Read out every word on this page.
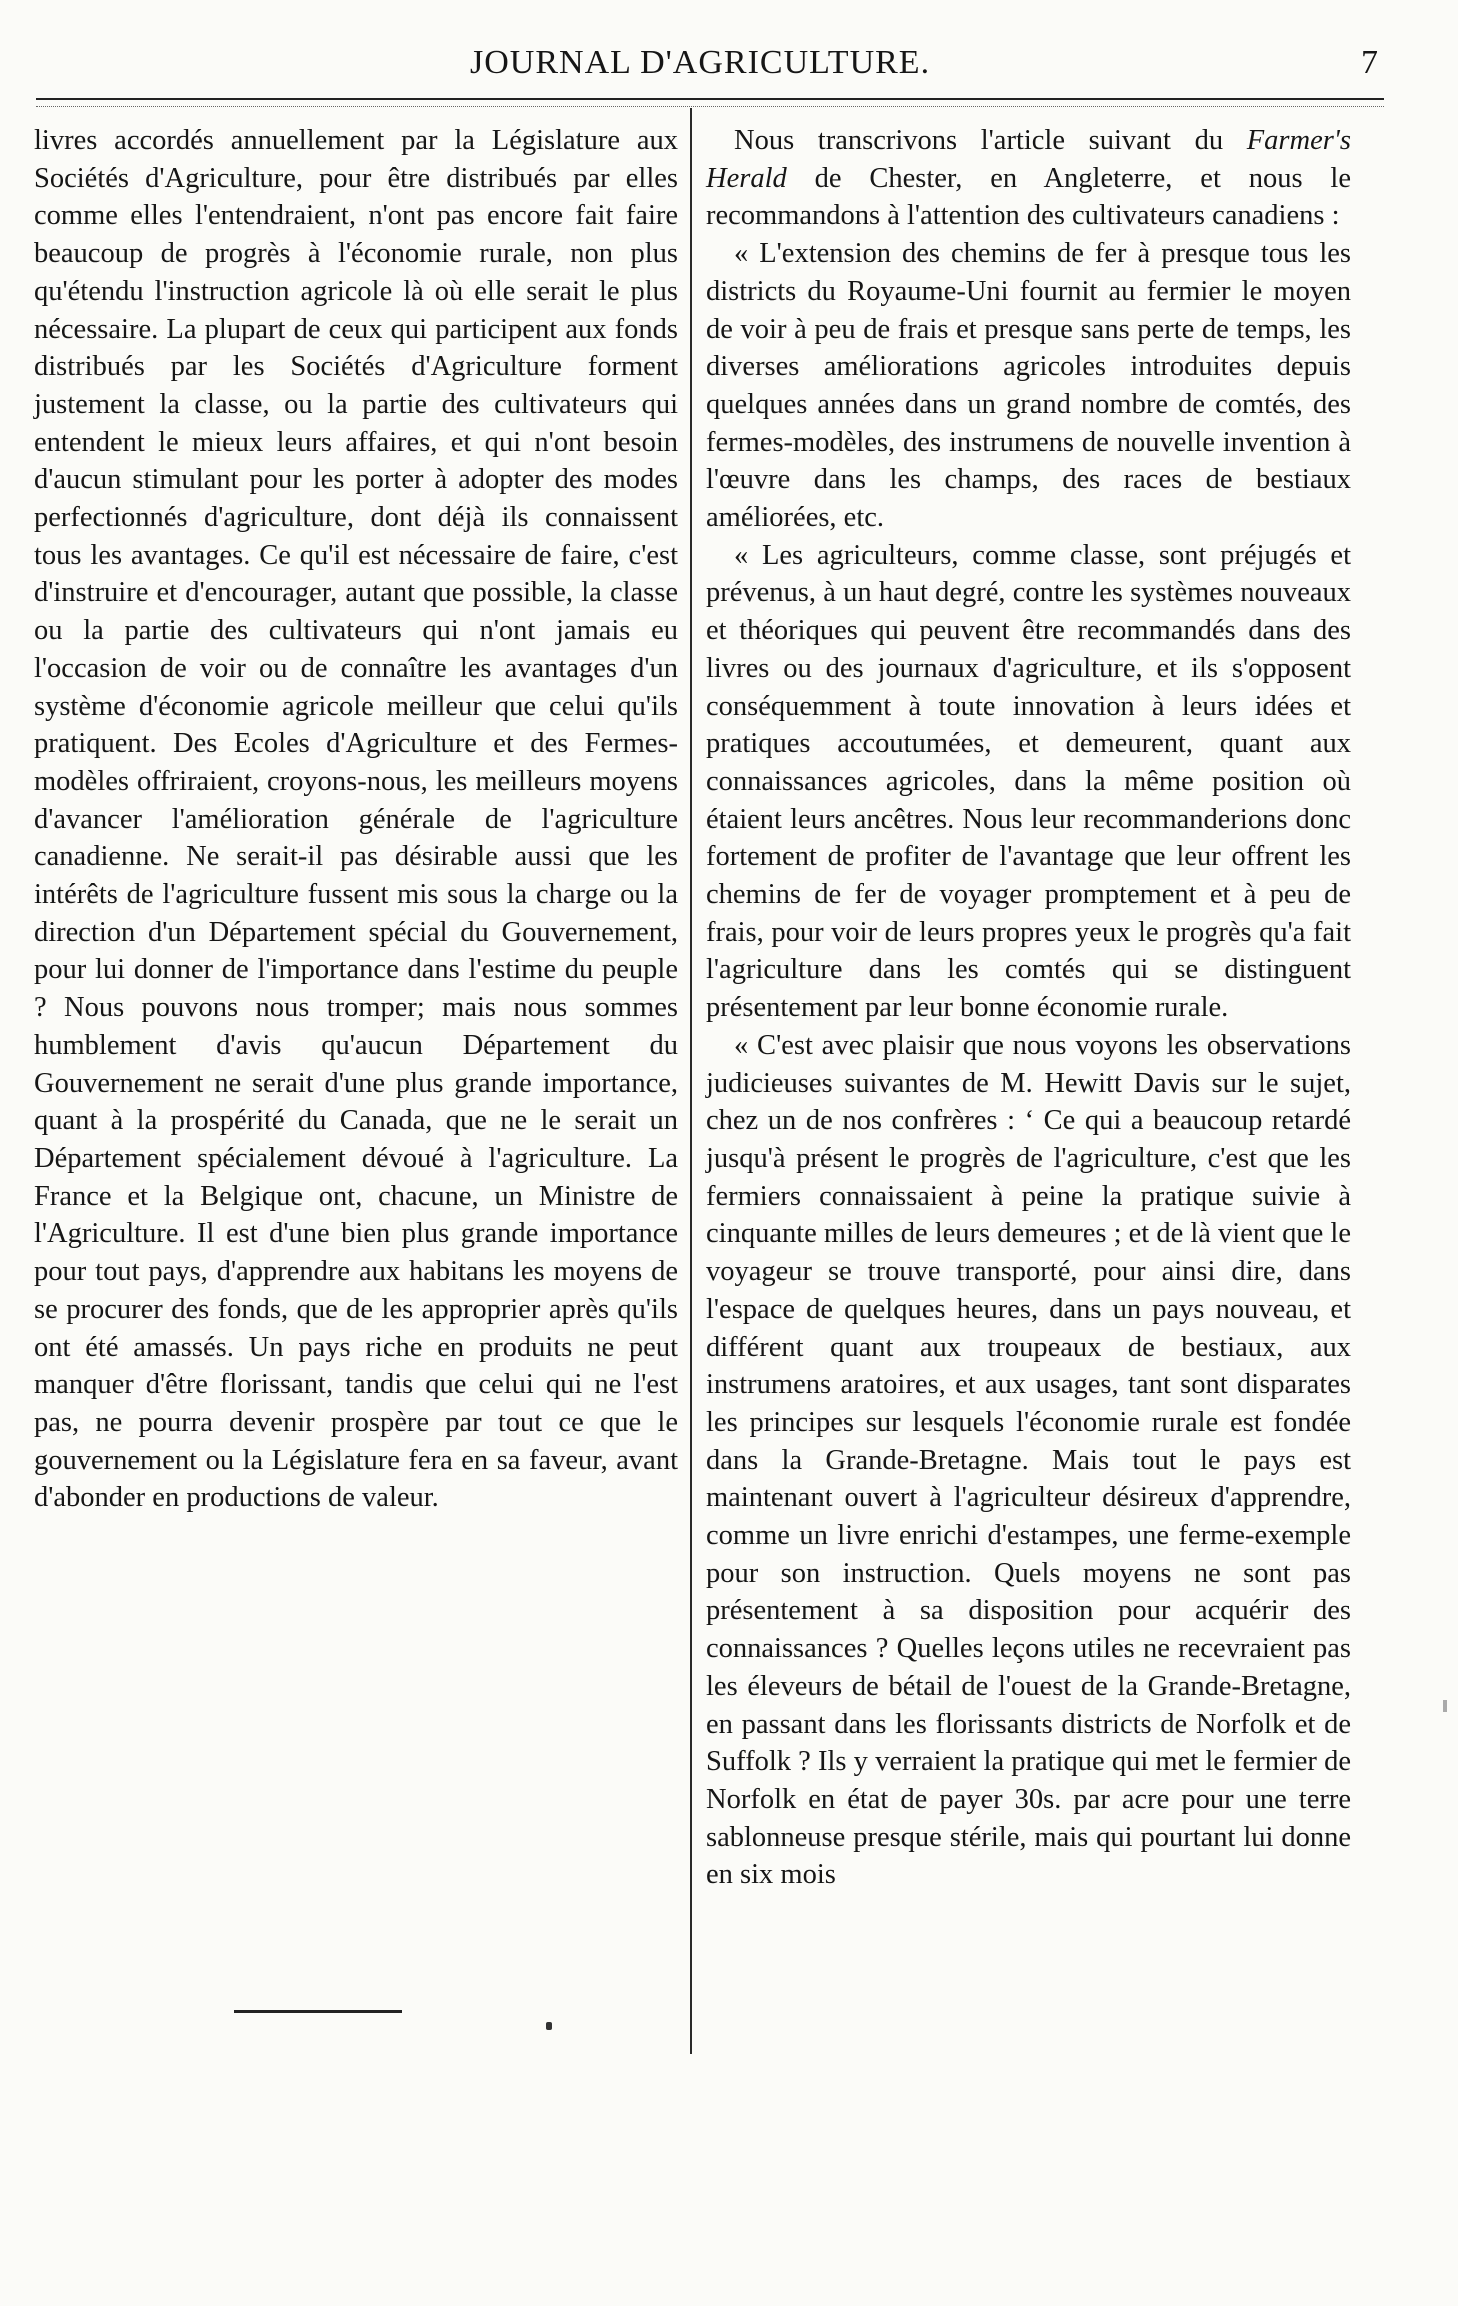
JOURNAL D'AGRICULTURE.	7

livres accordés annuellement par la Législature aux Sociétés d'Agriculture, pour être distribués par elles comme elles l'entendraient, n'ont pas encore fait faire beaucoup de progrès à l'économie rurale, non plus qu'étendu l'instruction agricole là où elle serait le plus nécessaire. La plupart de ceux qui participent aux fonds distribués par les Sociétés d'Agriculture forment justement la classe, ou la partie des cultivateurs qui entendent le mieux leurs affaires, et qui n'ont besoin d'aucun stimulant pour les porter à adopter des modes perfectionnés d'agriculture, dont déjà ils connaissent tous les avantages. Ce qu'il est nécessaire de faire, c'est d'instruire et d'encourager, autant que possible, la classe ou la partie des cultivateurs qui n'ont jamais eu l'occasion de voir ou de connaître les avantages d'un système d'économie agricole meilleur que celui qu'ils pratiquent. Des Ecoles d'Agriculture et des Fermes-modèles offriraient, croyons-nous, les meilleurs moyens d'avancer l'amélioration générale de l'agriculture canadienne. Ne serait-il pas désirable aussi que les intérêts de l'agriculture fussent mis sous la charge ou la direction d'un Département spécial du Gouvernement, pour lui donner de l'importance dans l'estime du peuple ? Nous pouvons nous tromper; mais nous sommes humblement d'avis qu'aucun Département du Gouvernement ne serait d'une plus grande importance, quant à la prospérité du Canada, que ne le serait un Département spécialement dévoué à l'agriculture. La France et la Belgique ont, chacune, un Ministre de l'Agriculture. Il est d'une bien plus grande importance pour tout pays, d'apprendre aux habitans les moyens de se procurer des fonds, que de les approprier après qu'ils ont été amassés. Un pays riche en produits ne peut manquer d'être florissant, tandis que celui qui ne l'est pas, ne pourra devenir prospère par tout ce que le gouvernement ou la Législature fera en sa faveur, avant d'abonder en productions de valeur.

Nous transcrivons l'article suivant du Farmer's Herald de Chester, en Angleterre, et nous le recommandons à l'attention des cultivateurs canadiens :

« L'extension des chemins de fer à presque tous les districts du Royaume-Uni fournit au fermier le moyen de voir à peu de frais et presque sans perte de temps, les diverses améliorations agricoles introduites depuis quelques années dans un grand nombre de comtés, des fermes-modèles, des instrumens de nouvelle invention à l'œuvre dans les champs, des races de bestiaux améliorées, etc.

« Les agriculteurs, comme classe, sont préjugés et prévenus, à un haut degré, contre les systèmes nouveaux et théoriques qui peuvent être recommandés dans des livres ou des journaux d'agriculture, et ils s'opposent conséquemment à toute innovation à leurs idées et pratiques accoutumées, et demeurent, quant aux connaissances agricoles, dans la même position où étaient leurs ancêtres. Nous leur recommanderions donc fortement de profiter de l'avantage que leur offrent les chemins de fer de voyager promptement et à peu de frais, pour voir de leurs propres yeux le progrès qu'a fait l'agriculture dans les comtés qui se distinguent présentement par leur bonne économie rurale.

« C'est avec plaisir que nous voyons les observations judicieuses suivantes de M. Hewitt Davis sur le sujet, chez un de nos confrères : ‘ Ce qui a beaucoup retardé jusqu'à présent le progrès de l'agriculture, c'est que les fermiers connaissaient à peine la pratique suivie à cinquante milles de leurs demeures ; et de là vient que le voyageur se trouve transporté, pour ainsi dire, dans l'espace de quelques heures, dans un pays nouveau, et différent quant aux troupeaux de bestiaux, aux instrumens aratoires, et aux usages, tant sont disparates les principes sur lesquels l'économie rurale est fondée dans la Grande-Bretagne. Mais tout le pays est maintenant ouvert à l'agriculteur désireux d'apprendre, comme un livre enrichi d'estampes, une ferme-exemple pour son instruction. Quels moyens ne sont pas présentement à sa disposition pour acquérir des connaissances ? Quelles leçons utiles ne recevraient pas les éleveurs de bétail de l'ouest de la Grande-Bretagne, en passant dans les florissants districts de Norfolk et de Suffolk ? Ils y verraient la pratique qui met le fermier de Norfolk en état de payer 30s. par acre pour une terre sablonneuse presque stérile, mais qui pourtant lui donne en six mois
